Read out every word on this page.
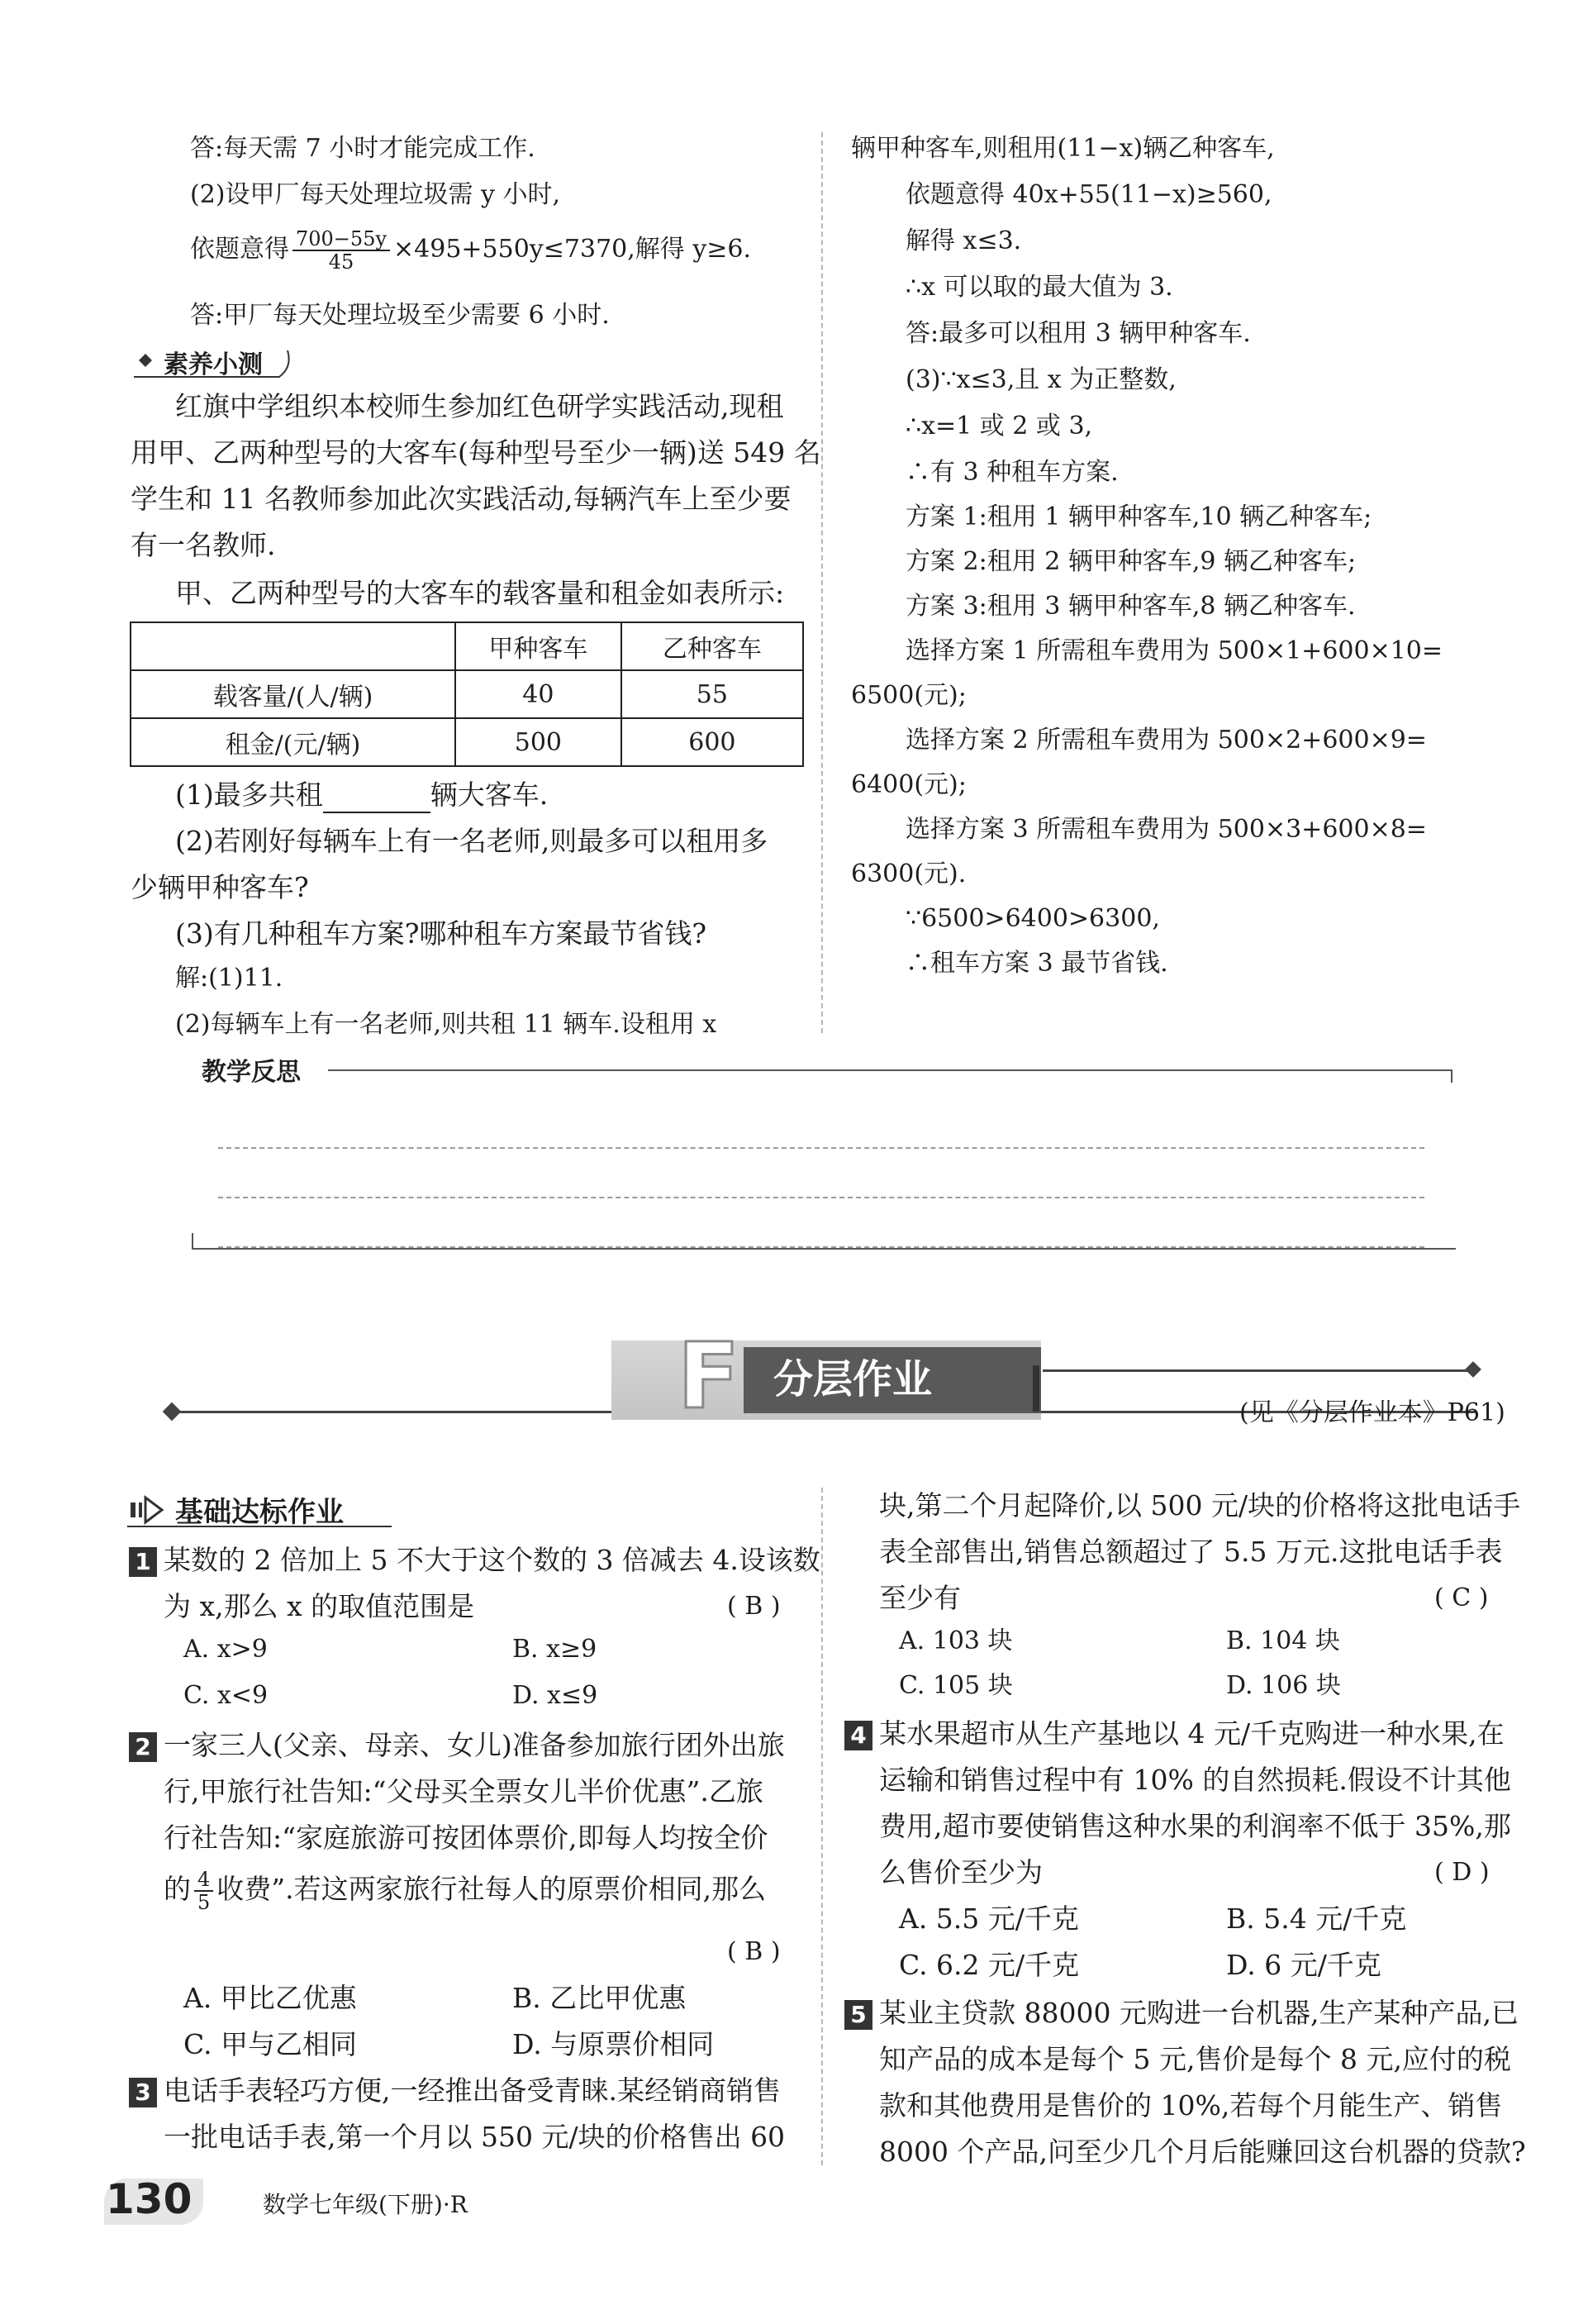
答:每天需 7 小时才能完成工作.
(2)设甲厂每天处理垃圾需 y 小时,
依题意得 $\frac{700-55y}{45} \times 495+550y\le 7370$,解得 y≥6.
答:甲厂每天处理垃圾至少需要 6 小时.
素养小测
红旗中学组织本校师生参加红色研学实践活动,现租
用甲、乙两种型号的大客车(每种型号至少一辆)送 549 名
学生和 11 名教师参加此次实践活动,每辆汽车上至少要
有一名教师.
甲、乙两种型号的大客车的载客量和租金如表所示:
	甲种客车	乙种客车
载客量/(人/辆)	40	55
租金/(元/辆)	500	600
(1)最多共租	辆大客车.
(2)若刚好每辆车上有一名老师,则最多可以租用多
少辆甲种客车?
(3)有几种租车方案?哪种租车方案最节省钱?
解:(1)11.
(2)每辆车上有一名老师,则共租 11 辆车.设租用 x
辆甲种客车,则租用(11−x)辆乙种客车,
依题意得 40x+55(11−x)≥560,
解得 x≤3.
∴x 可以取的最大值为 3.
答:最多可以租用 3 辆甲种客车.
(3)∵x≤3,且 x 为正整数,
∴x=1 或 2 或 3,
∴有 3 种租车方案.
方案 1:租用 1 辆甲种客车,10 辆乙种客车;
方案 2:租用 2 辆甲种客车,9 辆乙种客车;
方案 3:租用 3 辆甲种客车,8 辆乙种客车.
选择方案 1 所需租车费用为 500×1+600×10=
6500(元);
选择方案 2 所需租车费用为 500×2+600×9=
6400(元);
选择方案 3 所需租车费用为 500×3+600×8=
6300(元).
∵6500>6400>6300,
∴租车方案 3 最节省钱.
教学反思
F 分层作业
(见《分层作业本》P61)
基础达标作业
1 某数的 2 倍加上 5 不大于这个数的 3 倍减去 4.设该数
为 x,那么 x 的取值范围是	( B )
A. x>9	B. x≥9
C. x<9	D. x≤9
2 一家三人(父亲、母亲、女儿)准备参加旅行团外出旅
行,甲旅行社告知:“父母买全票女儿半价优惠”.乙旅
行社告知:“家庭旅游可按团体票价,即每人均按全价
的 $\frac{4}{5}$ 收费”.若这两家旅行社每人的原票价相同,那么
( B )
A. 甲比乙优惠	B. 乙比甲优惠
C. 甲与乙相同	D. 与原票价相同
3 电话手表轻巧方便,一经推出备受青睐.某经销商销售
一批电话手表,第一个月以 550 元/块的价格售出 60
块,第二个月起降价,以 500 元/块的价格将这批电话手
表全部售出,销售总额超过了 5.5 万元.这批电话手表
至少有	( C )
A. 103 块	B. 104 块
C. 105 块	D. 106 块
4 某水果超市从生产基地以 4 元/千克购进一种水果,在
运输和销售过程中有 10% 的自然损耗.假设不计其他
费用,超市要使销售这种水果的利润率不低于 35%,那
么售价至少为	( D )
A. 5.5 元/千克	B. 5.4 元/千克
C. 6.2 元/千克	D. 6 元/千克
5 某业主贷款 88000 元购进一台机器,生产某种产品,已
知产品的成本是每个 5 元,售价是每个 8 元,应付的税
款和其他费用是售价的 10%,若每个月能生产、销售
8000 个产品,问至少几个月后能赚回这台机器的贷款?
130	数学七年级(下册)·R
